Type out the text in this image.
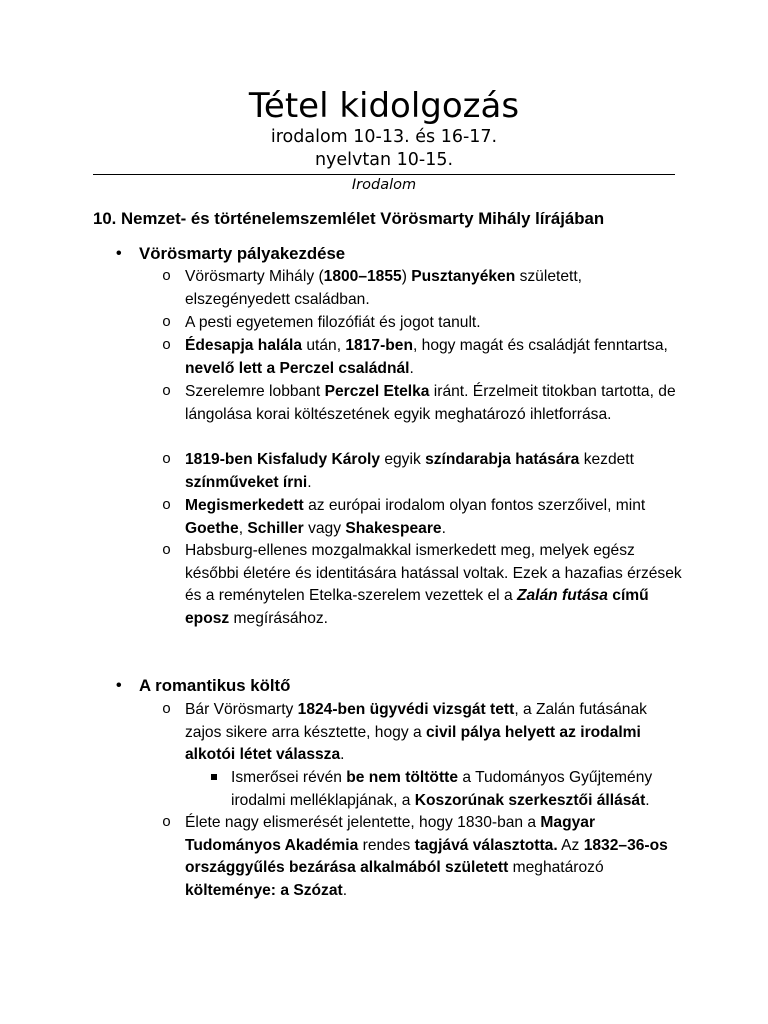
Tétel kidolgozás
irodalom 10-13. és 16-17.
nyelvtan 10-15.
Irodalom
10. Nemzet- és történelemszemlélet Vörösmarty Mihály lírájában
• Vörösmarty pályakezdése
o Vörösmarty Mihály (1800–1855) Pusztanyéken született, elszegényedett családban.
o A pesti egyetemen filozófiát és jogot tanult.
o Édesapja halála után, 1817-ben, hogy magát és családját fenntartsa, nevelő lett a Perczel családnál.
o Szerelemre lobbant Perczel Etelka iránt. Érzelmeit titokban tartotta, de lángolása korai költészetének egyik meghatározó ihletforrása.
o 1819-ben Kisfaludy Károly egyik színdarabja hatására kezdett színműveket írni.
o Megismerkedett az európai irodalom olyan fontos szerzőivel, mint Goethe, Schiller vagy Shakespeare.
o Habsburg-ellenes mozgalmakkal ismerkedett meg, melyek egész későbbi életére és identitására hatással voltak. Ezek a hazafias érzések és a reménytelen Etelka-szerelem vezettek el a Zalán futása című eposz megírásához.
• A romantikus költő
o Bár Vörösmarty 1824-ben ügyvédi vizsgát tett, a Zalán futásának zajos sikere arra késztette, hogy a civil pálya helyett az irodalmi alkotói létet válassza.
Ismerősei révén be nem töltötte a Tudományos Gyűjtemény irodalmi melléklapjának, a Koszorúnak szerkesztői állását.
o Élete nagy elismerését jelentette, hogy 1830-ban a Magyar Tudományos Akadémia rendes tagjává választotta. Az 1832–36-os országgyűlés bezárása alkalmából született meghatározó költeménye: a Szózat.
